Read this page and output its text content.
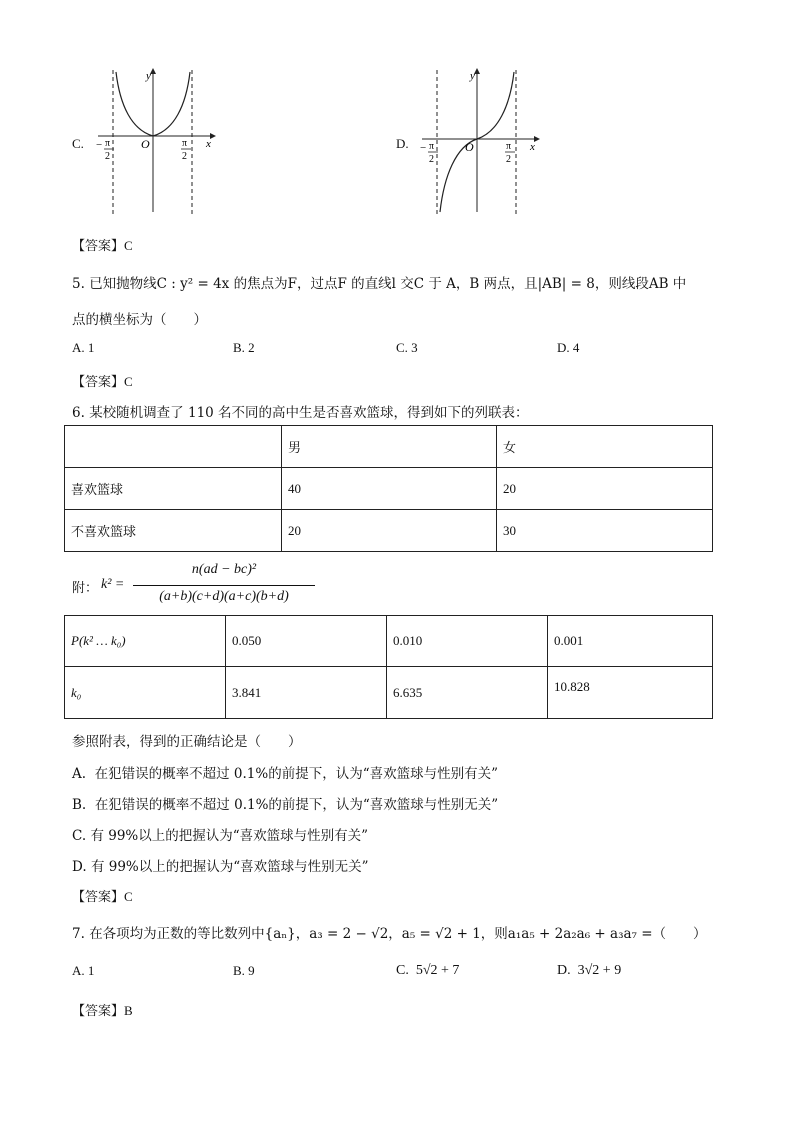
C.
y
x
O
− π
2
π
2
D.
y
x
O
− π
2
π
2
【答案】C
5. 已知抛物线C : y² = 4x 的焦点为F，过点F 的直线l 交C 于 A，B 两点，且|AB| = 8，则线段AB 中
点的横坐标为（　　）
A. 1	B. 2	C. 3	D. 4
【答案】C
6. 某校随机调查了 110 名不同的高中生是否喜欢篮球，得到如下的列联表：
	男	女
喜欢篮球	40	20
不喜欢篮球	20	30
附： k² =
n(ad − bc)²
(a+b)(c+d)(a+c)(b+d)
P(k² … k₀)	0.050	0.010	0.001
k₀	3.841	6.635	10.828
参照附表，得到的正确结论是（　　）
A. 在犯错误的概率不超过 0.1%的前提下，认为“喜欢篮球与性别有关”
B. 在犯错误的概率不超过 0.1%的前提下，认为“喜欢篮球与性别无关”
C. 有 99%以上的把握认为“喜欢篮球与性别有关”
D. 有 99%以上的把握认为“喜欢篮球与性别无关”
【答案】C
7. 在各项均为正数的等比数列中{aₙ}，a₃ = 2 − √2，a₅ = √2 + 1，则a₁a₅ + 2a₂a₆ + a₃a₇ =（　　）
A. 1	B. 9	C. 5√2 + 7	D. 3√2 + 9
【答案】B
